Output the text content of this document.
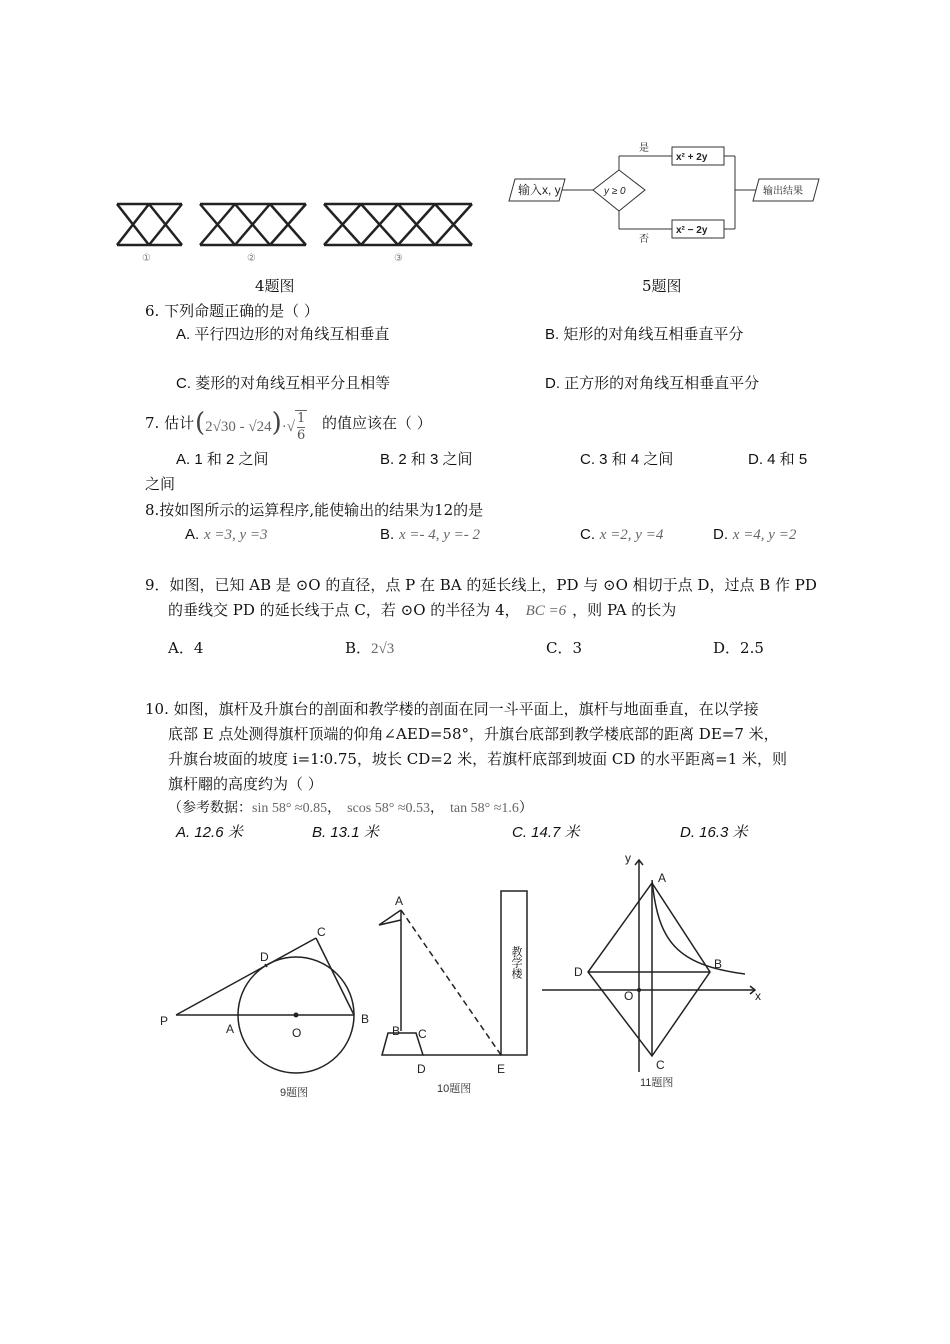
①	②	③
4题图
输入x, y	y ≥ 0
是
否
x² + 2y
x² − 2y
输出结果
5题图
6. 下列命题正确的是（ ）
A. 平行四边形的对角线互相垂直	B. 矩形的对角线互相垂直平分
C. 菱形的对角线互相平分且相等	D. 正方形的对角线互相垂直平分
7. 估计 $(2√30 - √24)\cdot√ \frac{1}{6}$ 的值应该在（ ）
A. 1 和 2 之间	B. 2 和 3 之间	C. 3 和 4 之间	D. 4 和 5
之间
8.按如图所示的运算程序,能使输出的结果为12的是
A. x =3, y =3	B. x =- 4, y =- 2	C. x =2, y =4	D. x =4, y =2
9．如图，已知 AB 是 ⊙O 的直径，点 P 在 BA 的延长线上，PD 与 ⊙O 相切于点 D，过点 B 作 PD
的垂线交 PD 的延长线于点 C，若 ⊙O 的半径为 4， BC =6 ，则 PA 的长为
A．4	B．2√3	C．3	D．2.5
10. 如图，旗杆及升旗台的剖面和教学楼的剖面在同一斗平面上，旗杆与地面垂直，在以学接
底部 E 点处测得旗杆顶端的仰角∠AED=58°，升旗台底部到教学楼底部的距离 DE=7 米，
升旗台坡面的坡度 i=1∶0.75，坡长 CD=2 米，若旗杆底部到坡面 CD 的水平距离=1 米，则
旗杆翢的高度约为（ ）
（参考数据：sin 58° ≈0.85， scos 58° ≈0.53， tan 58° ≈1.6）
A. 12.6 米	B. 13.1 米	C. 14.7 米	D. 16.3 米
P
A	O
B
C
D
9题图
A
B C
D	E
10题图
教学楼
y
x
A
B
C
D
O
11题图
